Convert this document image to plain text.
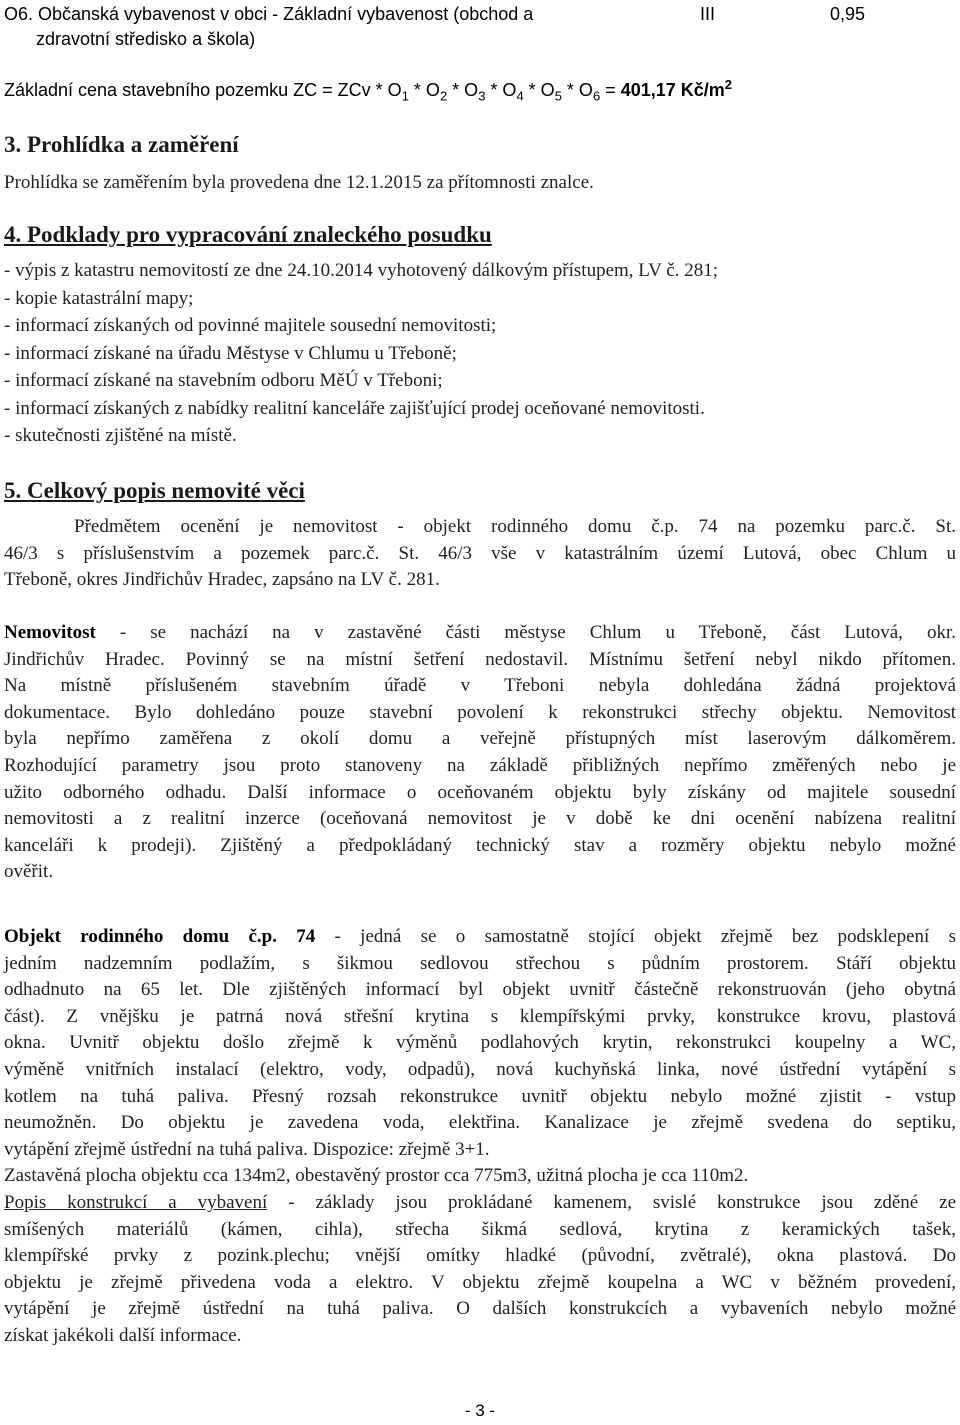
O6. Občanská vybavenost v obci - Základní vybavenost (obchod a
zdravotní středisko a škola)
III	0,95
Základní cena stavebního pozemku ZC = ZCv * $O_1 * O_2 * O_3 * O_4 * O_5 * O_6 = 401,17$ $Kč/m^2$
3. Prohlídka a zaměření
Prohlídka se zaměřením byla provedena dne 12.1.2015 za přítomnosti znalce.
4. Podklady pro vypracování znaleckého posudku
- výpis z katastru nemovitostí ze dne 24.10.2014 vyhotovený dálkovým přístupem, LV č. 281;
- kopie katastrální mapy;
- informací získaných od povinné majitele sousední nemovitosti;
- informací získané na úřadu Městyse v Chlumu u Třeboně;
- informací získané na stavebním odboru MěÚ v Třeboni;
- informací získaných z nabídky realitní kanceláře zajišťující prodej oceňované nemovitosti.
- skutečnosti zjištěné na místě.
5. Celkový popis nemovité věci
Předmětem ocenění je nemovitost - objekt rodinného domu č.p. 74 na pozemku parc.č. St.
46/3 s příslušenstvím a pozemek parc.č. St. 46/3 vše v katastrálním území Lutová, obec Chlum u
Třeboně, okres Jindřichův Hradec, zapsáno na LV č. 281.
Nemovitost - se nachází na v zastavěné části městyse Chlum u Třeboně, část Lutová, okr.
Jindřichův Hradec. Povinný se na místní šetření nedostavil. Místnímu šetření nebyl nikdo přítomen.
Na místně příslušeném stavebním úřadě v Třeboni nebyla dohledána žádná projektová
dokumentace. Bylo dohledáno pouze stavební povolení k rekonstrukci střechy objektu. Nemovitost
byla nepřímo zaměřena z okolí domu a veřejně přístupných míst laserovým dálkoměrem.
Rozhodující parametry jsou proto stanoveny na základě přibližných nepřímo změřených nebo je
užito odborného odhadu. Další informace o oceňovaném objektu byly získány od majitele sousední
nemovitosti a z realitní inzerce (oceňovaná nemovitost je v době ke dni ocenění nabízena realitní
kanceláři k prodeji). Zjištěný a předpokládaný technický stav a rozměry objektu nebylo možné
ověřit.
Objekt rodinného domu č.p. 74 - jedná se o samostatně stojící objekt zřejmě bez podsklepení s
jedním nadzemním podlažím, s šikmou sedlovou střechou s půdním prostorem. Stáří objektu
odhadnuto na 65 let. Dle zjištěných informací byl objekt uvnitř částečně rekonstruován (jeho obytná
část). Z vnějšku je patrná nová střešní krytina s klempířskými prvky, konstrukce krovu, plastová
okna. Uvnitř objektu došlo zřejmě k výměnů podlahových krytin, rekonstrukci koupelny a WC,
výměně vnitřních instalací (elektro, vody, odpadů), nová kuchyňská linka, nové ústřední vytápění s
kotlem na tuhá paliva. Přesný rozsah rekonstrukce uvnitř objektu nebylo možné zjistit - vstup
neumožněn. Do objektu je zavedena voda, elektřina. Kanalizace je zřejmě svedena do septiku,
vytápění zřejmě ústřední na tuhá paliva. Dispozice: zřejmě 3+1.
Zastavěná plocha objektu cca 134m2, obestavěný prostor cca 775m3, užitná plocha je cca 110m2.
Popis konstrukcí a vybavení - základy jsou prokládané kamenem, svislé konstrukce jsou zděné ze
smíšených materiálů (kámen, cihla), střecha šikmá sedlová, krytina z keramických tašek,
klempířské prvky z pozink.plechu; vnější omítky hladké (původní, zvětralé), okna plastová. Do
objektu je zřejmě přivedena voda a elektro. V objektu zřejmě koupelna a WC v běžném provedení,
vytápění je zřejmě ústřední na tuhá paliva. O dalších konstrukcích a vybaveních nebylo možné
získat jakékoli další informace.
- 3 -
